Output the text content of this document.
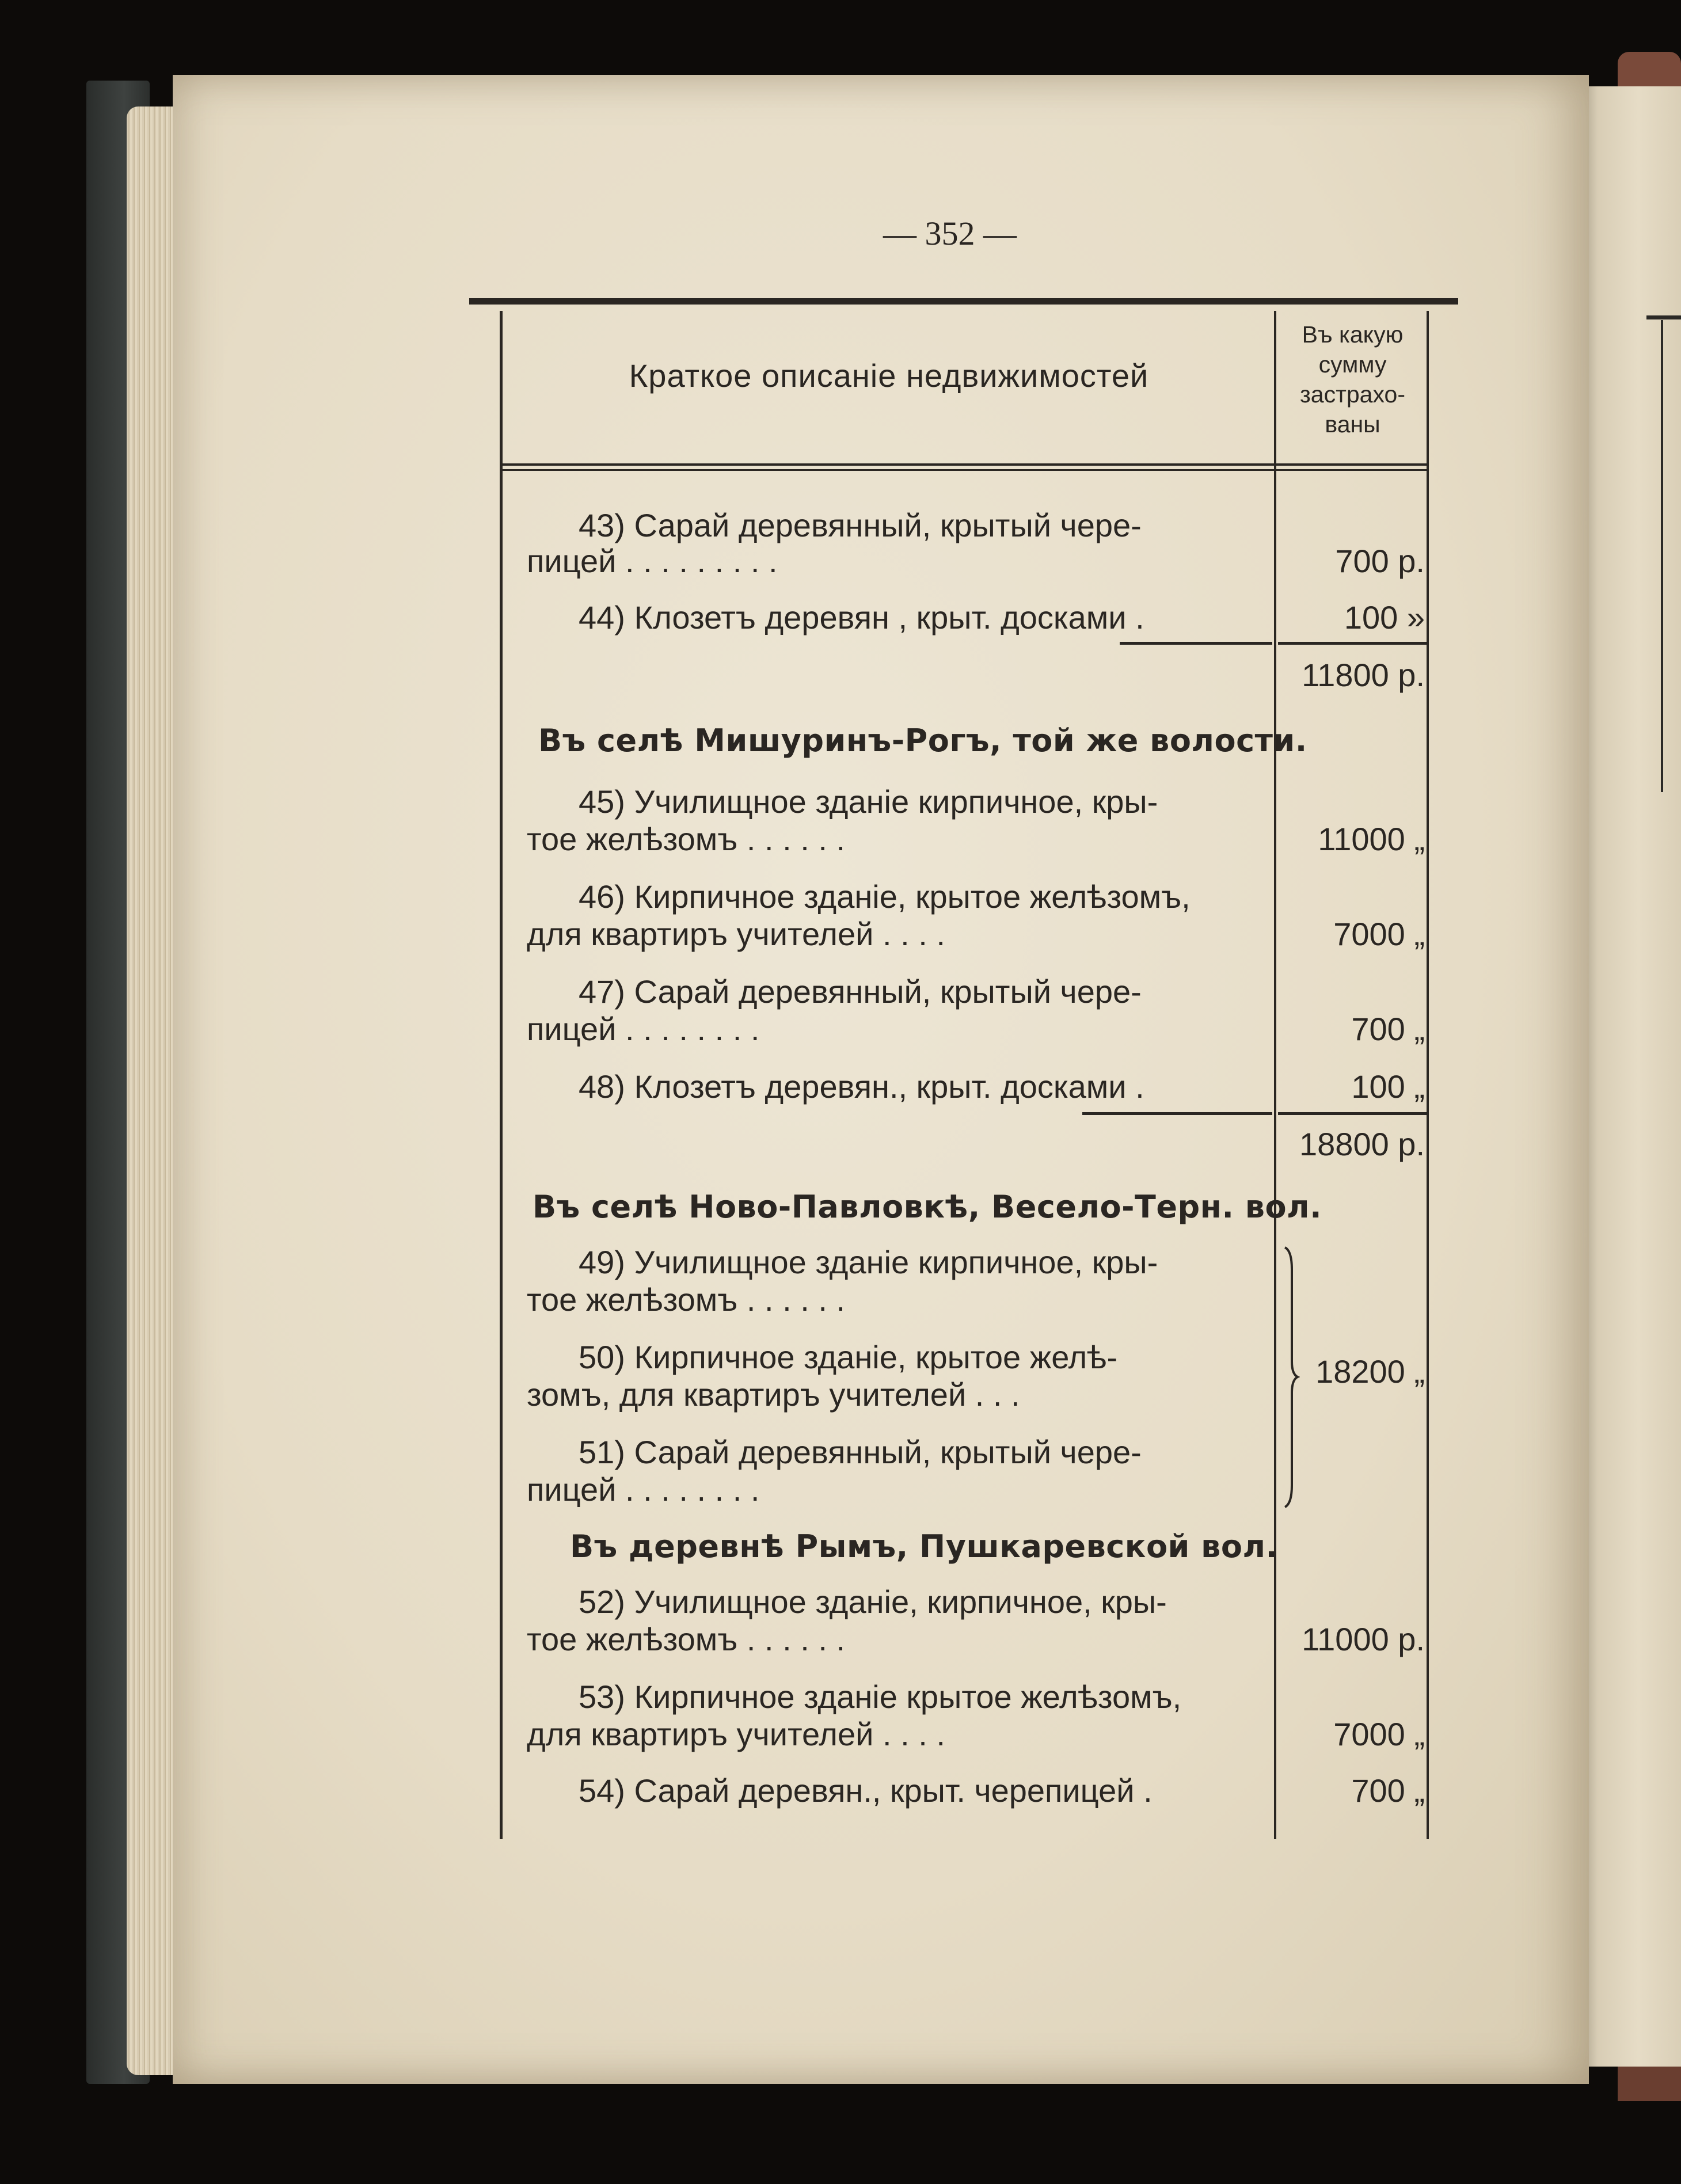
— 352 —
Краткое описаніе недвижимостей
Въ какую
сумму
застрахо-
ваны
43) Сарай деревянный, крытый чере-
пицей . . . . . . . . .	700 р.
44) Клозетъ деревян , крыт. досками .	100 »
11800 р.
Въ селѣ Мишуринъ-Рогъ, той же волости.
45) Училищное зданіе кирпичное, кры-
тое желѣзомъ . . . . . .	11000 „
46) Кирпичное зданіе, крытое желѣзомъ,
для квартиръ учителей . . . .	7000 „
47) Сарай деревянный, крытый чере-
пицей . . . . . . . .	700 „
48) Клозетъ деревян., крыт. досками .	100 „
18800 р.
Въ селѣ Ново-Павловкѣ, Весело-Терн. вол.
49) Училищное зданіе кирпичное, кры-
тое желѣзомъ . . . . . .
50) Кирпичное зданіе, крытое желѣ-
зомъ, для квартиръ учителей . . .
51) Сарай деревянный, крытый чере-
пицей . . . . . . . .
18200 „
Въ деревнѣ Рымъ, Пушкаревской вол.
52) Училищное зданіе, кирпичное, кры-
тое желѣзомъ . . . . . .	11000 р.
53) Кирпичное зданіе крытое желѣзомъ,
для квартиръ учителей . . . .	7000 „
54) Сарай деревян., крыт. черепицей .	700 „
